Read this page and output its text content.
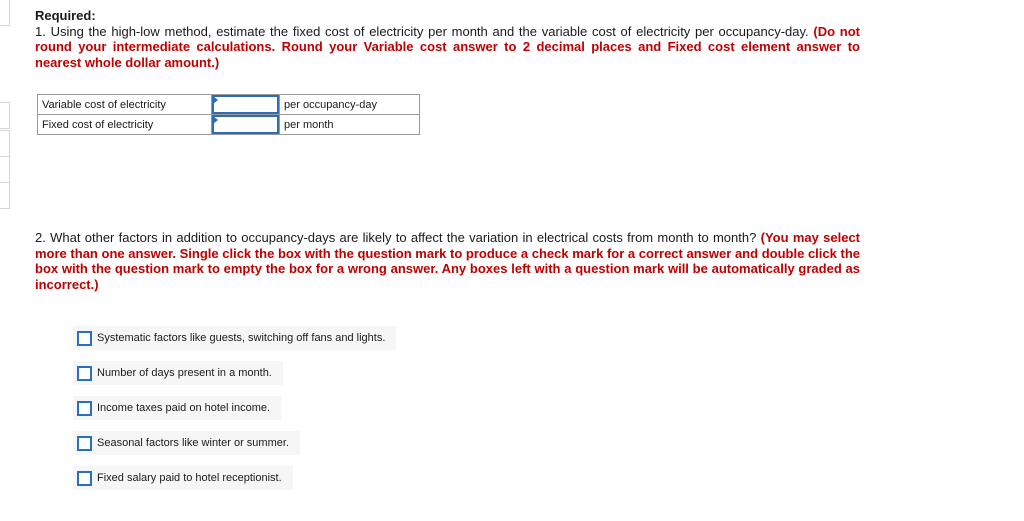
Required:
1. Using the high-low method, estimate the fixed cost of electricity per month and the variable cost of electricity per occupancy-day. (Do not round your intermediate calculations. Round your Variable cost answer to 2 decimal places and Fixed cost element answer to nearest whole dollar amount.)
Variable cost of electricity		per occupancy-day
Fixed cost of electricity		per month
2. What other factors in addition to occupancy-days are likely to affect the variation in electrical costs from month to month? (You may select more than one answer. Single click the box with the question mark to produce a check mark for a correct answer and double click the box with the question mark to empty the box for a wrong answer. Any boxes left with a question mark will be automatically graded as incorrect.)
Systematic factors like guests, switching off fans and lights.
Number of days present in a month.
Income taxes paid on hotel income.
Seasonal factors like winter or summer.
Fixed salary paid to hotel receptionist.
